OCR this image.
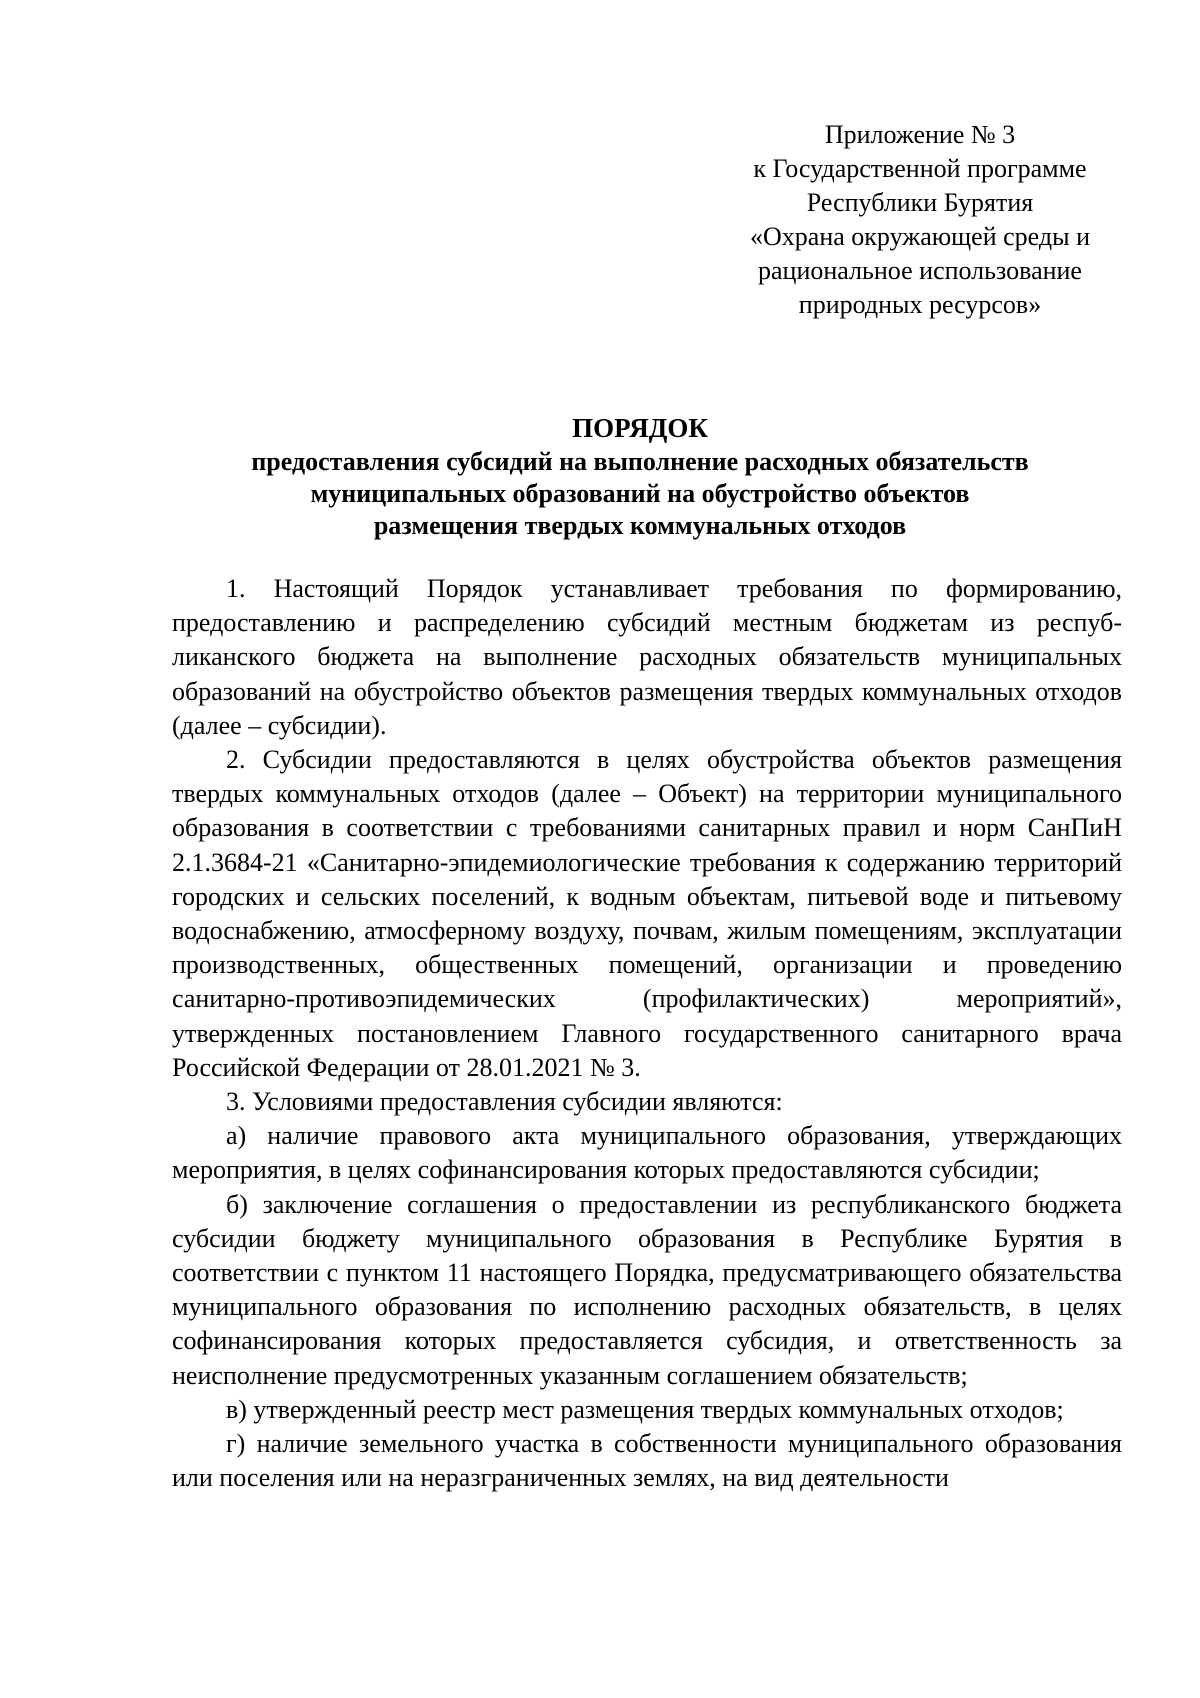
Приложение № 3
к Государственной программе
Республики Бурятия
«Охрана окружающей среды и
рациональное использование
природных ресурсов»
ПОРЯДОК
предоставления субсидий на выполнение расходных обязательств
муниципальных образований на обустройство объектов
размещения твердых коммунальных отходов

1. Настоящий Порядок устанавливает требования по формированию, предоставлению и распределению субсидий местным бюджетам из республиканского бюджета на выполнение расходных обязательств муниципальных образований на обустройство объектов размещения твердых коммунальных отходов (далее – субсидии).

2. Субсидии предоставляются в целях обустройства объектов размещения твердых коммунальных отходов (далее – Объект) на территории муниципального образования в соответствии с требованиями санитарных правил и норм СанПиН 2.1.3684-21 «Санитарно-эпидемиологические требования к содержанию территорий городских и сельских поселений, к водным объектам, питьевой воде и питьевому водоснабжению, атмосферному воздуху, почвам, жилым помещениям, эксплуатации производственных, общественных помещений, организации и проведению санитарно-противоэпидемических (профилактических) мероприятий», утвержденных постановлением Главного государственного санитарного врача Российской Федерации от 28.01.2021 № 3.

3. Условиями предоставления субсидии являются:

а) наличие правового акта муниципального образования, утверждающих мероприятия, в целях софинансирования которых предоставляются субсидии;

б) заключение соглашения о предоставлении из республиканского бюджета субсидии бюджету муниципального образования в Республике Бурятия в соответствии с пунктом 11 настоящего Порядка, предусматривающего обязательства муниципального образования по исполнению расходных обязательств, в целях софинансирования которых предоставляется субсидия, и ответственность за неисполнение предусмотренных указанным соглашением обязательств;

в) утвержденный реестр мест размещения твердых коммунальных отходов;

г) наличие земельного участка в собственности муниципального образования или поселения или на неразграниченных землях, на вид деятельности
